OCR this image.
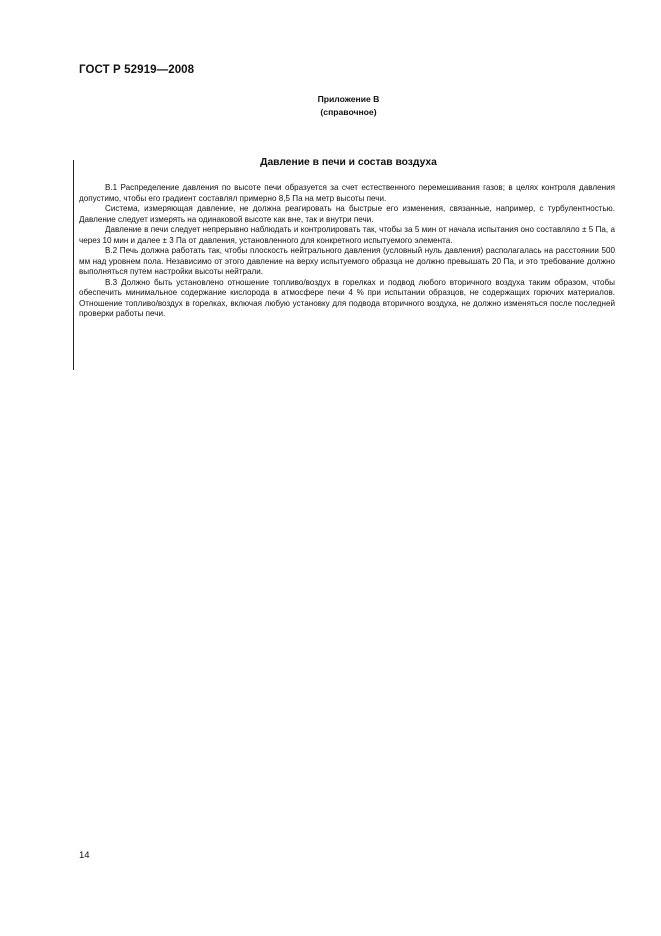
ГОСТ Р 52919—2008
Приложение В
(справочное)
Давление в печи и состав воздуха

В.1 Распределение давления по высоте печи образуется за счет естественного перемешивания газов; в целях контроля давления допустимо, чтобы его градиент составлял примерно 8,5 Па на метр высоты печи.

Система, измеряющая давление, не должна реагировать на быстрые его изменения, связанные, например, с турбулентностью. Давление следует измерять на одинаковой высоте как вне, так и внутри печи.

Давление в печи следует непрерывно наблюдать и контролировать так, чтобы за 5 мин от начала испытания оно составляло ± 5 Па, а через 10 мин и далее ± 3 Па от давления, установленного для конкретного испытуемого элемента.

В.2 Печь должна работать так, чтобы плоскость нейтрального давления (условный нуль давления) располагалась на расстоянии 500 мм над уровнем пола. Независимо от этого давление на верху испытуемого образца не должно превышать 20 Па, и это требование должно выполняться путем настройки высоты нейтрали.

В.3 Должно быть установлено отношение топливо/воздух в горелках и подвод любого вторичного воздуха таким образом, чтобы обеспечить минимальное содержание кислорода в атмосфере печи 4 % при испытании образцов, не содержащих горючих материалов. Отношение топливо/воздух в горелках, включая любую установку для подвода вторичного воздуха, не должно изменяться после последней проверки работы печи.

14
